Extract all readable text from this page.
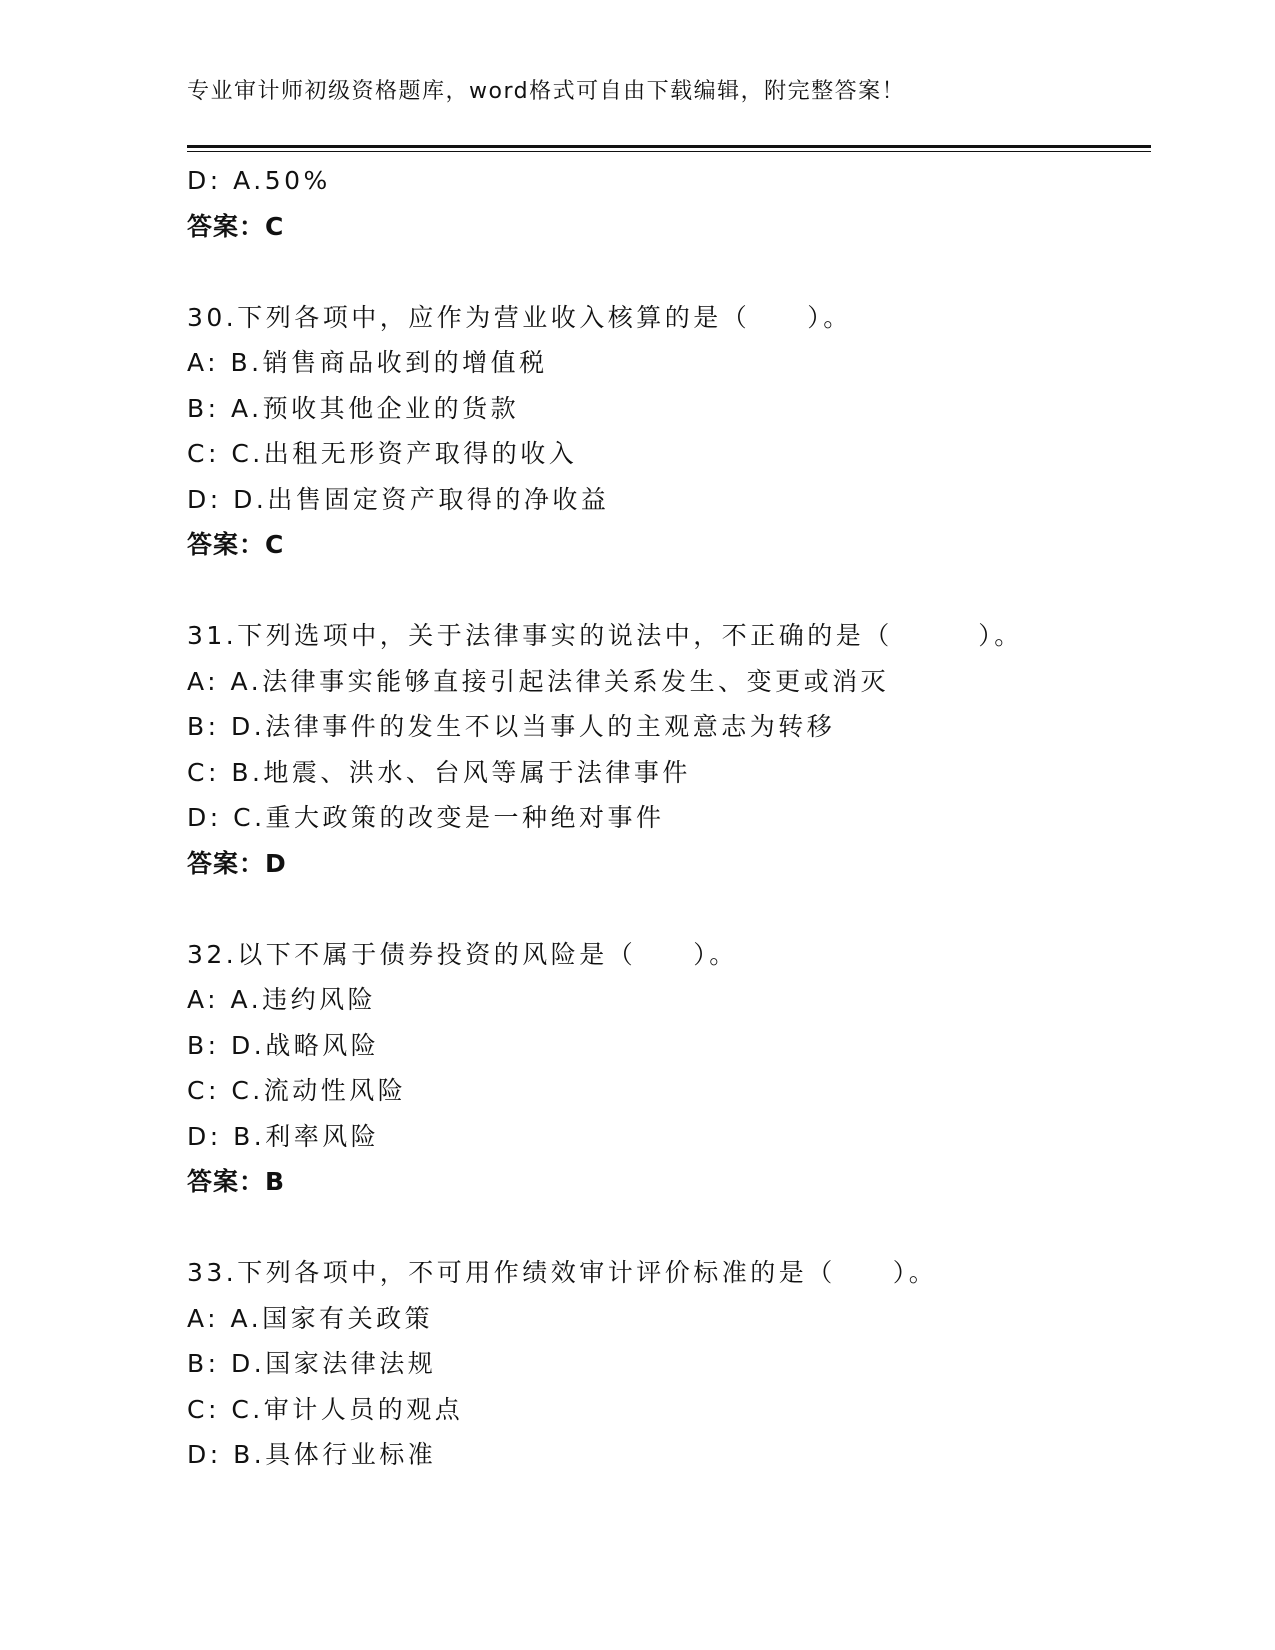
专业审计师初级资格题库，word格式可自由下载编辑，附完整答案！
D: A.50%
答案：C
30.下列各项中，应作为营业收入核算的是（　　）。
A: B.销售商品收到的增值税
B: A.预收其他企业的货款
C: C.出租无形资产取得的收入
D: D.出售固定资产取得的净收益
答案：C
31.下列选项中，关于法律事实的说法中，不正确的是（　　　）。
A: A.法律事实能够直接引起法律关系发生、变更或消灭
B: D.法律事件的发生不以当事人的主观意志为转移
C: B.地震、洪水、台风等属于法律事件
D: C.重大政策的改变是一种绝对事件
答案：D
32.以下不属于债券投资的风险是（　　）。
A: A.违约风险
B: D.战略风险
C: C.流动性风险
D: B.利率风险
答案：B
33.下列各项中，不可用作绩效审计评价标准的是（　　）。
A: A.国家有关政策
B: D.国家法律法规
C: C.审计人员的观点
D: B.具体行业标准
